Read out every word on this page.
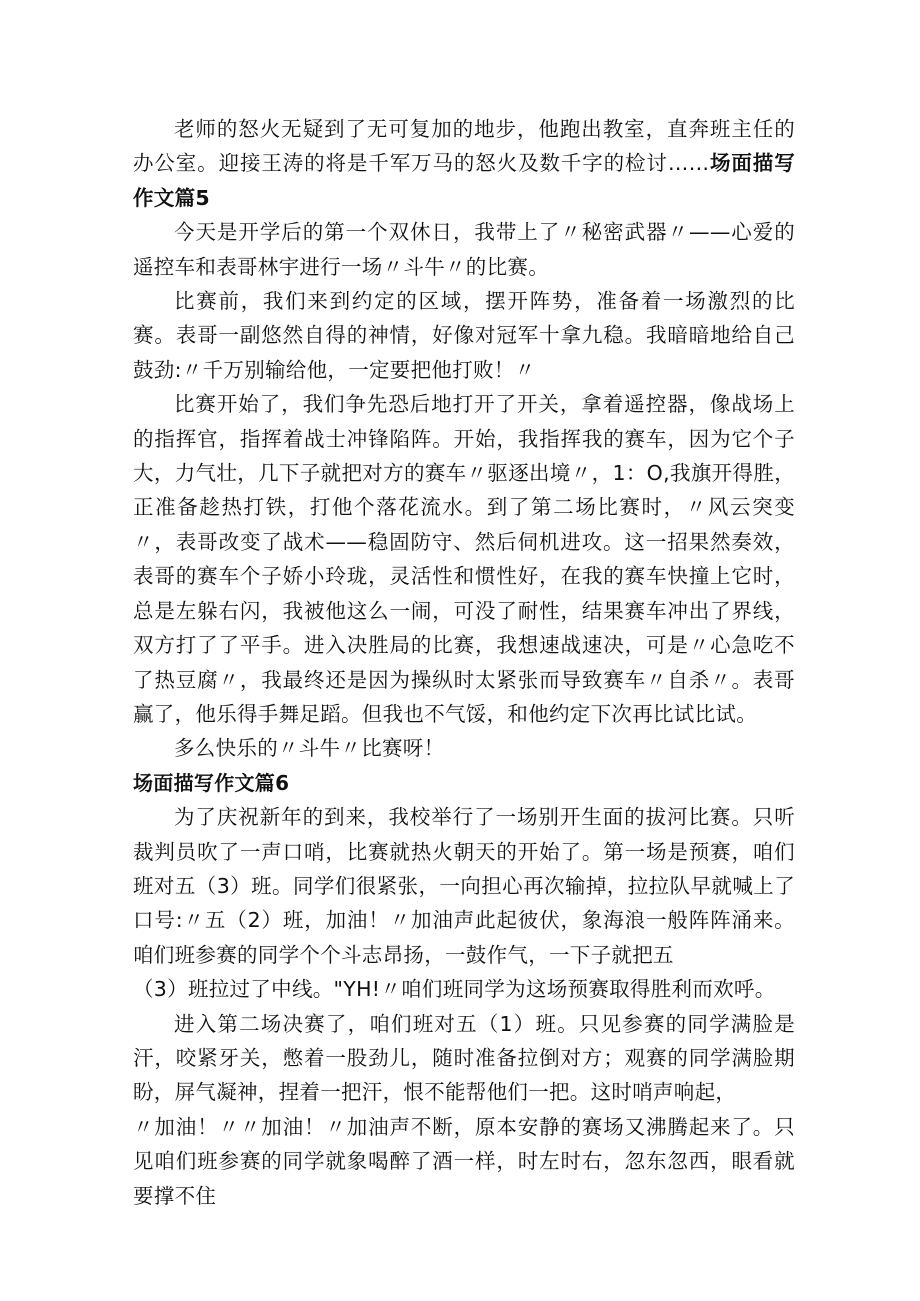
老师的怒火无疑到了无可复加的地步，他跑出教室，直奔班主任的办公室。迎接王涛的将是千军万马的怒火及数千字的检讨……场面描写作文篇5

今天是开学后的第一个双休日，我带上了〃秘密武器〃——心爱的遥控车和表哥林宇进行一场〃斗牛〃的比赛。

比赛前，我们来到约定的区域，摆开阵势，准备着一场激烈的比赛。表哥一副悠然自得的神情，好像对冠军十拿九稳。我暗暗地给自己鼓劲:〃千万别输给他，一定要把他打败！〃

比赛开始了，我们争先恐后地打开了开关，拿着遥控器，像战场上的指挥官，指挥着战士冲锋陷阵。开始，我指挥我的赛车，因为它个子大，力气壮，几下子就把对方的赛车〃驱逐出境〃，1：O,我旗开得胜，正准备趁热打铁，打他个落花流水。到了第二场比赛时，〃风云突变〃，表哥改变了战术——稳固防守、然后伺机进攻。这一招果然奏效，表哥的赛车个子娇小玲珑，灵活性和惯性好，在我的赛车快撞上它时，总是左躲右闪，我被他这么一闹，可没了耐性，结果赛车冲出了界线，双方打了了平手。进入决胜局的比赛，我想速战速决，可是〃心急吃不了热豆腐〃，我最终还是因为操纵时太紧张而导致赛车〃自杀〃。表哥赢了，他乐得手舞足蹈。但我也不气馁，和他约定下次再比试比试。

多么快乐的〃斗牛〃比赛呀！

场面描写作文篇6

为了庆祝新年的到来，我校举行了一场别开生面的拔河比赛。只听裁判员吹了一声口哨，比赛就热火朝天的开始了。第一场是预赛，咱们班对五（3）班。同学们很紧张，一向担心再次输掉，拉拉队早就喊上了口号:〃五（2）班，加油！〃加油声此起彼伏，象海浪一般阵阵涌来。咱们班参赛的同学个个斗志昂扬，一鼓作气，一下子就把五

（3）班拉过了中线。"YH!〃咱们班同学为这场预赛取得胜利而欢呼。

进入第二场决赛了，咱们班对五（1）班。只见参赛的同学满脸是汗，咬紧牙关，憋着一股劲儿，随时准备拉倒对方；观赛的同学满脸期盼，屏气凝神，捏着一把汗，恨不能帮他们一把。这时哨声响起，

〃加油！〃〃加油！〃加油声不断，原本安静的赛场又沸腾起来了。只见咱们班参赛的同学就象喝醉了酒一样，时左时右，忽东忽西，眼看就要撑不住
